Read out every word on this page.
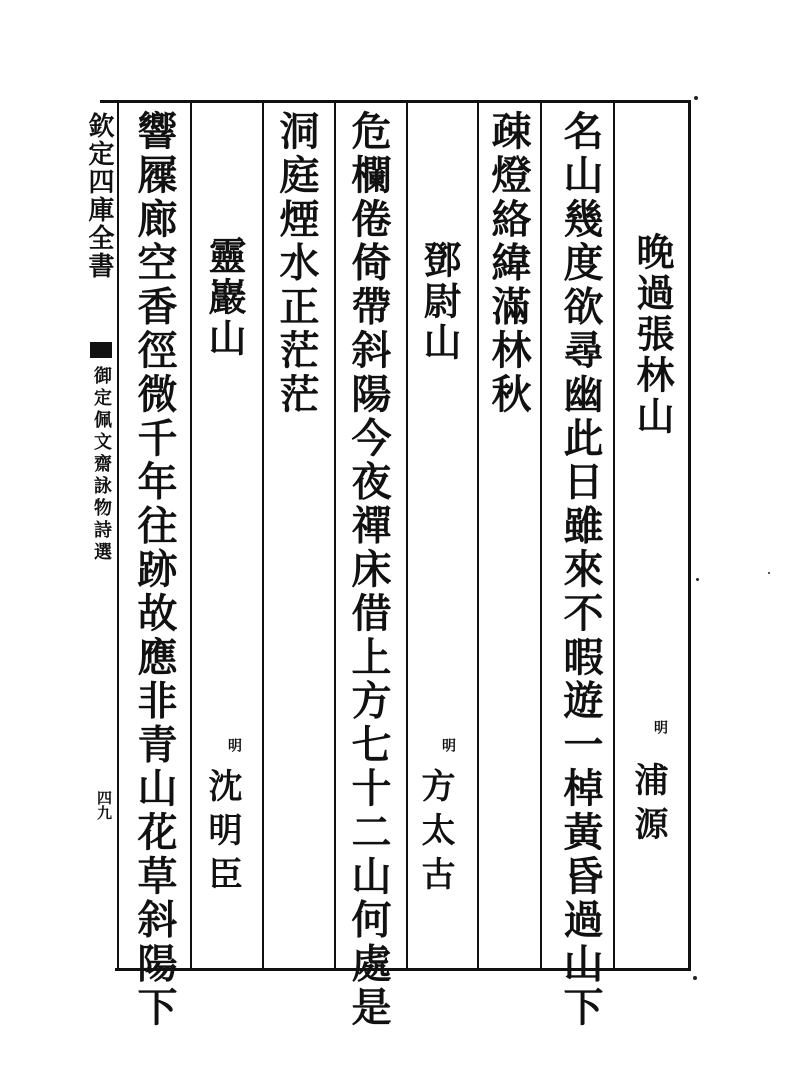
欽定四庫全書
御定佩文齋詠物詩選
四九
晚過張林山
明
浦源
名山幾度欲尋幽此日雖來不暇遊一棹黃昏過山下
疎燈絡緯滿林秋
鄧尉山
明
方太古
危欄倦倚帶斜陽今夜禪床借上方七十二山何處是
洞庭煙水正茫茫
靈巖山
明
沈明臣
響屧廊空香徑微千年往跡故應非青山花草斜陽下
